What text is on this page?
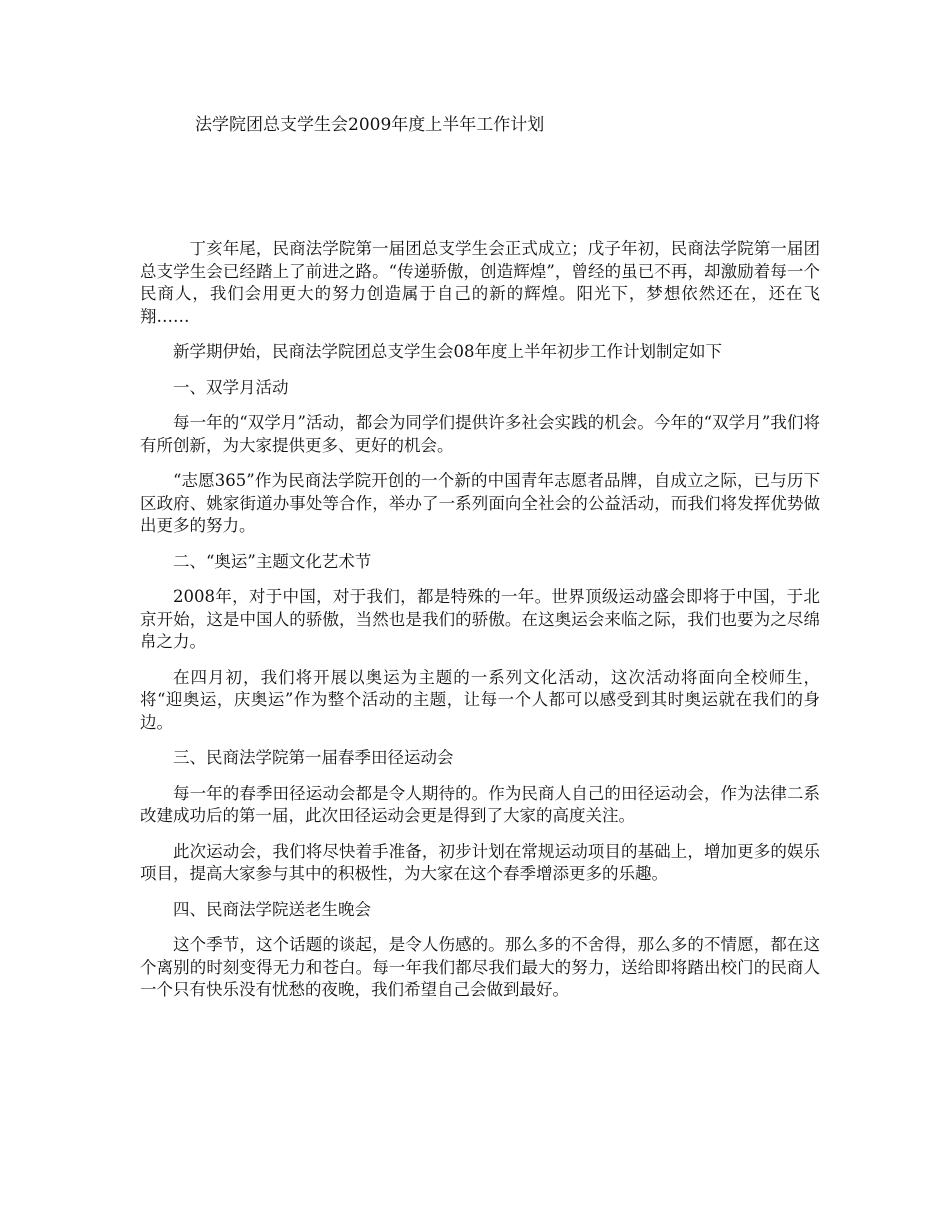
法学院团总支学生会2009年度上半年工作计划

丁亥年尾，民商法学院第一届团总支学生会正式成立；戊子年初，民商法学院第一届团总支学生会已经踏上了前进之路。“传递骄傲，创造辉煌”，曾经的虽已不再，却激励着每一个民商人，我们会用更大的努力创造属于自己的新的辉煌。阳光下，梦想依然还在，还在飞翔……

新学期伊始，民商法学院团总支学生会08年度上半年初步工作计划制定如下

一、双学月活动

每一年的“双学月”活动，都会为同学们提供许多社会实践的机会。今年的“双学月”我们将有所创新，为大家提供更多、更好的机会。

“志愿365”作为民商法学院开创的一个新的中国青年志愿者品牌，自成立之际，已与历下区政府、姚家街道办事处等合作，举办了一系列面向全社会的公益活动，而我们将发挥优势做出更多的努力。

二、“奥运”主题文化艺术节

2008年，对于中国，对于我们，都是特殊的一年。世界顶级运动盛会即将于中国，于北京开始，这是中国人的骄傲，当然也是我们的骄傲。在这奥运会来临之际，我们也要为之尽绵帛之力。

在四月初，我们将开展以奥运为主题的一系列文化活动，这次活动将面向全校师生，将“迎奥运，庆奥运”作为整个活动的主题，让每一个人都可以感受到其时奥运就在我们的身边。

三、民商法学院第一届春季田径运动会

每一年的春季田径运动会都是令人期待的。作为民商人自己的田径运动会，作为法律二系改建成功后的第一届，此次田径运动会更是得到了大家的高度关注。

此次运动会，我们将尽快着手准备，初步计划在常规运动项目的基础上，增加更多的娱乐项目，提高大家参与其中的积极性，为大家在这个春季增添更多的乐趣。

四、民商法学院送老生晚会

这个季节，这个话题的谈起，是令人伤感的。那么多的不舍得，那么多的不情愿，都在这个离别的时刻变得无力和苍白。每一年我们都尽我们最大的努力，送给即将踏出校门的民商人一个只有快乐没有忧愁的夜晚，我们希望自己会做到最好。
